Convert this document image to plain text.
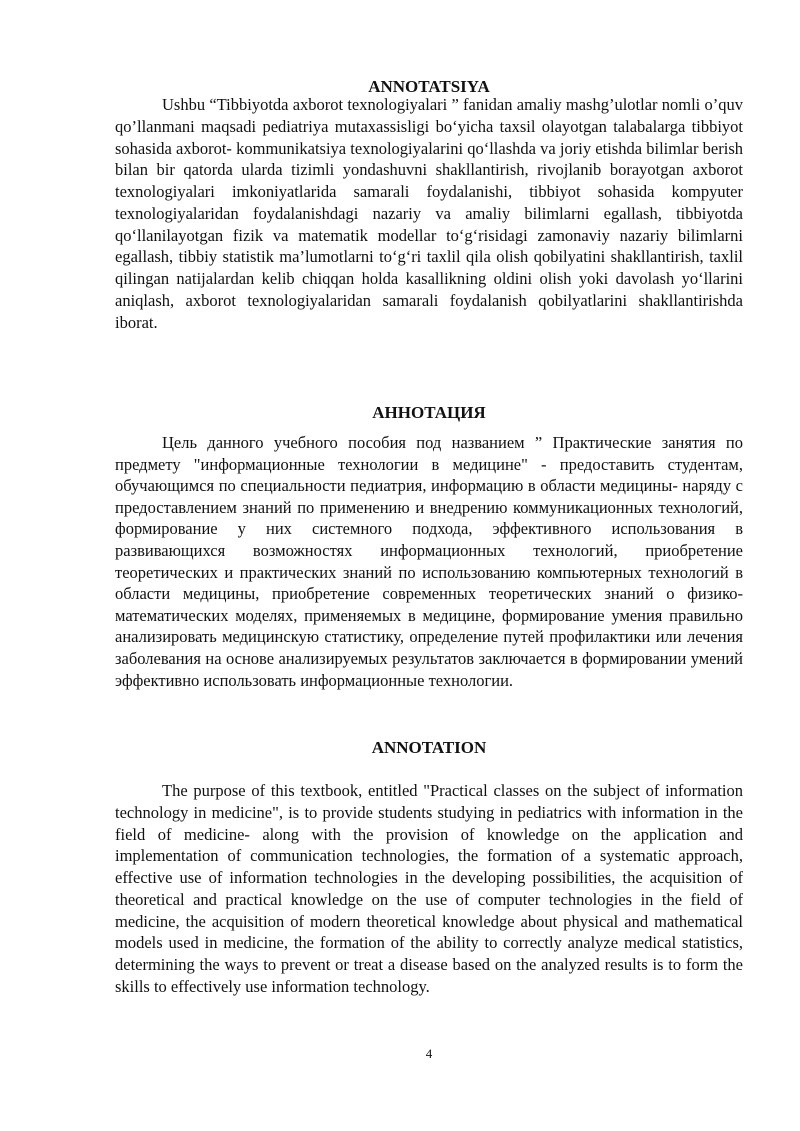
ANNOTATSIYA

Ushbu “Tibbiyotda axborot texnologiyalari ” fanidan amaliy mashg’ulotlar nomli o’quv qo’llanmani maqsadi pediatriya mutaxassisligi bo‘yicha taxsil olayotgan talabalarga tibbiyot sohasida axborot- kommunikatsiya texnologiyalarini qo‘llashda va joriy etishda bilimlar berish bilan bir qatorda ularda tizimli yondashuvni shakllantirish, rivojlanib borayotgan axborot texnologiyalari imkoniyatlarida samarali foydalanishi, tibbiyot sohasida kompyuter texnologiyalaridan foydalanishdagi nazariy va amaliy bilimlarni egallash, tibbiyotda qo‘llanilayotgan fizik va matematik modellar to‘g‘risidagi zamonaviy nazariy bilimlarni egallash, tibbiy statistik ma’lumotlarni to‘g‘ri taxlil qila olish qobilyatini shakllantirish, taxlil qilingan natijalardan kelib chiqqan holda kasallikning oldini olish yoki davolash yo‘llarini aniqlash, axborot texnologiyalaridan samarali foydalanish qobilyatlarini shakllantirishda iborat.

АННОТАЦИЯ

Цель данного учебного пособия под названием ” Практические занятия по предмету "информационные технологии в медицине" - предоставить студентам, обучающимся по специальности педиатрия, информацию в области медицины- наряду с предоставлением знаний по применению и внедрению коммуникационных технологий, формирование у них системного подхода, эффективного использования в развивающихся возможностях информационных технологий, приобретение теоретических и практических знаний по использованию компьютерных технологий в области медицины, приобретение современных теоретических знаний о физико-математических моделях, применяемых в медицине, формирование умения правильно анализировать медицинскую статистику, определение путей профилактики или лечения заболевания на основе анализируемых результатов заключается в формировании умений эффективно использовать информационные технологии.

ANNOTATION

The purpose of this textbook, entitled "Practical classes on the subject of information technology in medicine", is to provide students studying in pediatrics with information in the field of medicine- along with the provision of knowledge on the application and implementation of communication technologies, the formation of a systematic approach, effective use of information technologies in the developing possibilities, the acquisition of theoretical and practical knowledge on the use of computer technologies in the field of medicine, the acquisition of modern theoretical knowledge about physical and mathematical models used in medicine, the formation of the ability to correctly analyze medical statistics, determining the ways to prevent or treat a disease based on the analyzed results is to form the skills to effectively use information technology.

4
